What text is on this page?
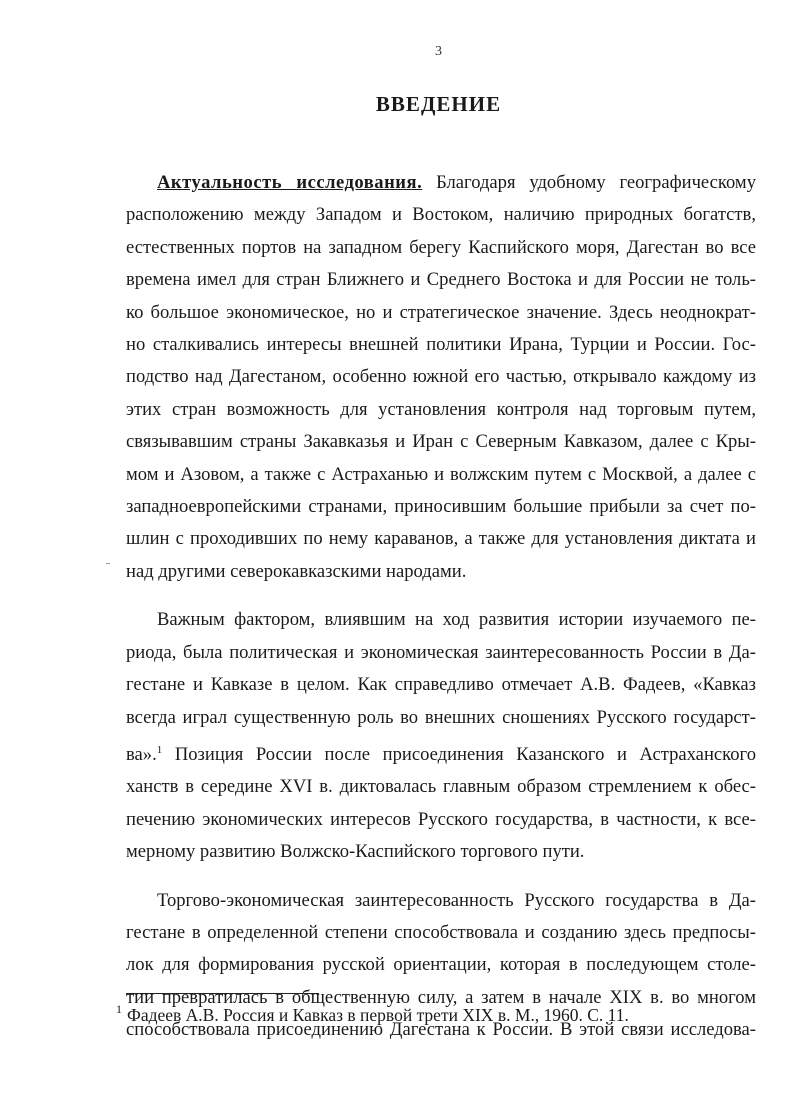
3
ВВЕДЕНИЕ
Актуальность исследования. Благодаря удобному географическому
расположению между Западом и Востоком, наличию природных богатств,
естественных портов на западном берегу Каспийского моря, Дагестан во все
времена имел для стран Ближнего и Среднего Востока и для России не толь-
ко большое экономическое, но и стратегическое значение. Здесь неоднократ-
но сталкивались интересы внешней политики Ирана, Турции и России. Гос-
подство над Дагестаном, особенно южной его частью, открывало каждому из
этих стран возможность для установления контроля над торговым путем,
связывавшим страны Закавказья и Иран с Северным Кавказом, далее с Кры-
мом и Азовом, а также с Астраханью и волжским путем с Москвой, а далее с
западноевропейскими странами, приносившим большие прибыли за счет по-
шлин с проходивших по нему караванов, а также для установления диктата и
над другими северокавказскими народами.
Важным фактором, влиявшим на ход развития истории изучаемого пе-
риода, была политическая и экономическая заинтересованность России в Да-
гестане и Кавказе в целом. Как справедливо отмечает А.В. Фадеев, «Кавказ
всегда играл существенную роль во внешних сношениях Русского государст-
ва».$^1$ Позиция России после присоединения Казанского и Астраханского
ханств в середине XVI в. диктовалась главным образом стремлением к обес-
печению экономических интересов Русского государства, в частности, к все-
мерному развитию Волжско-Каспийского торгового пути.
Торгово-экономическая заинтересованность Русского государства в Да-
гестане в определенной степени способствовала и созданию здесь предпосы-
лок для формирования русской ориентации, которая в последующем столе-
тии превратилась в общественную силу, а затем в начале XIX в. во многом
способствовала присоединению Дагестана к России. В этой связи исследова-
$^1$ Фадеев А.В. Россия и Кавказ в первой трети XIX в. М., 1960. С. 11.
